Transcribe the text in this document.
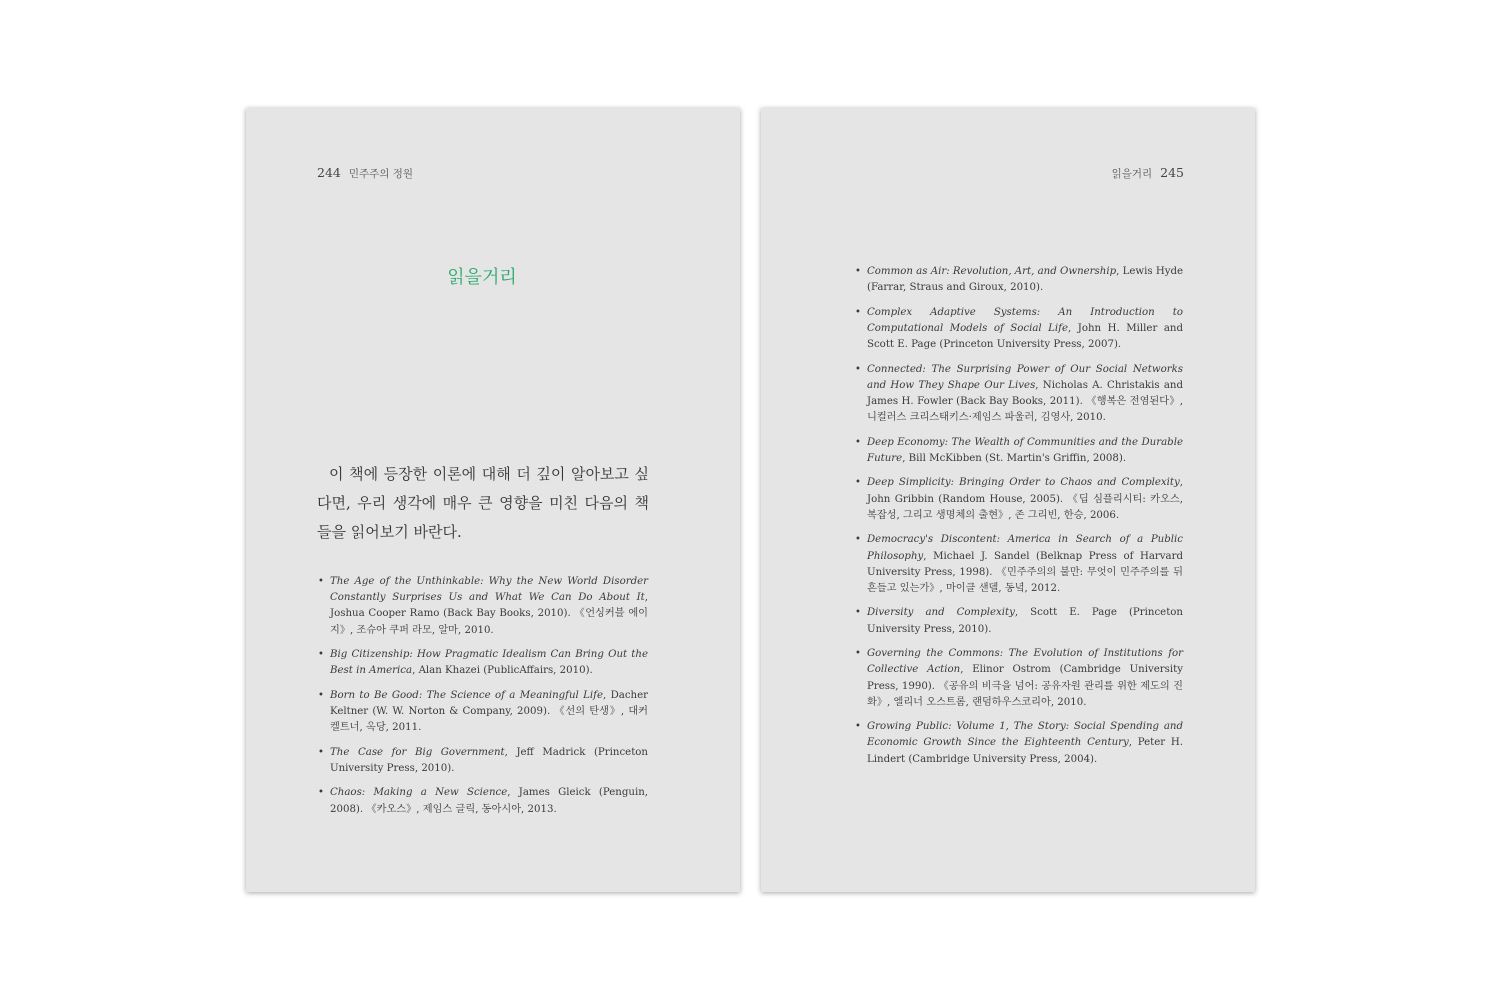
244 민주주의 정원
읽을거리

이 책에 등장한 이론에 대해 더 깊이 알아보고 싶다면, 우리 생각에 매우 큰 영향을 미친 다음의 책들을 읽어보기 바란다.

• The Age of the Unthinkable: Why the New World Disorder Constantly Surprises Us and What We Can Do About It, Joshua Cooper Ramo (Back Bay Books, 2010). 《언싱커블 에이지》, 조슈아 쿠퍼 라모, 알마, 2010.
• Big Citizenship: How Pragmatic Idealism Can Bring Out the Best in America, Alan Khazei (PublicAffairs, 2010).
• Born to Be Good: The Science of a Meaningful Life, Dacher Keltner (W. W. Norton & Company, 2009). 《선의 탄생》, 대커 켈트너, 옥당, 2011.
• The Case for Big Government, Jeff Madrick (Princeton University Press, 2010).
• Chaos: Making a New Science, James Gleick (Penguin, 2008). 《카오스》, 제임스 글릭, 동아시아, 2013.
읽을거리 245
• Common as Air: Revolution, Art, and Ownership, Lewis Hyde (Farrar, Straus and Giroux, 2010).
• Complex Adaptive Systems: An Introduction to Computational Models of Social Life, John H. Miller and Scott E. Page (Princeton University Press, 2007).
• Connected: The Surprising Power of Our Social Networks and How They Shape Our Lives, Nicholas A. Christakis and James H. Fowler (Back Bay Books, 2011). 《행복은 전염된다》, 니컬러스 크리스태키스·제임스 파울러, 김영사, 2010.
• Deep Economy: The Wealth of Communities and the Durable Future, Bill McKibben (St. Martin's Griffin, 2008).
• Deep Simplicity: Bringing Order to Chaos and Complexity, John Gribbin (Random House, 2005). 《딥 심플리시티: 카오스, 복잡성, 그리고 생명체의 출현》, 존 그리빈, 한승, 2006.
• Democracy's Discontent: America in Search of a Public Philosophy, Michael J. Sandel (Belknap Press of Harvard University Press, 1998). 《민주주의의 불만: 무엇이 민주주의를 뒤흔들고 있는가》, 마이클 샌델, 동녘, 2012.
• Diversity and Complexity, Scott E. Page (Princeton University Press, 2010).
• Governing the Commons: The Evolution of Institutions for Collective Action, Elinor Ostrom (Cambridge University Press, 1990). 《공유의 비극을 넘어: 공유자원 관리를 위한 제도의 진화》, 엘리너 오스트롬, 랜덤하우스코리아, 2010.
• Growing Public: Volume 1, The Story: Social Spending and Economic Growth Since the Eighteenth Century, Peter H. Lindert (Cambridge University Press, 2004).
